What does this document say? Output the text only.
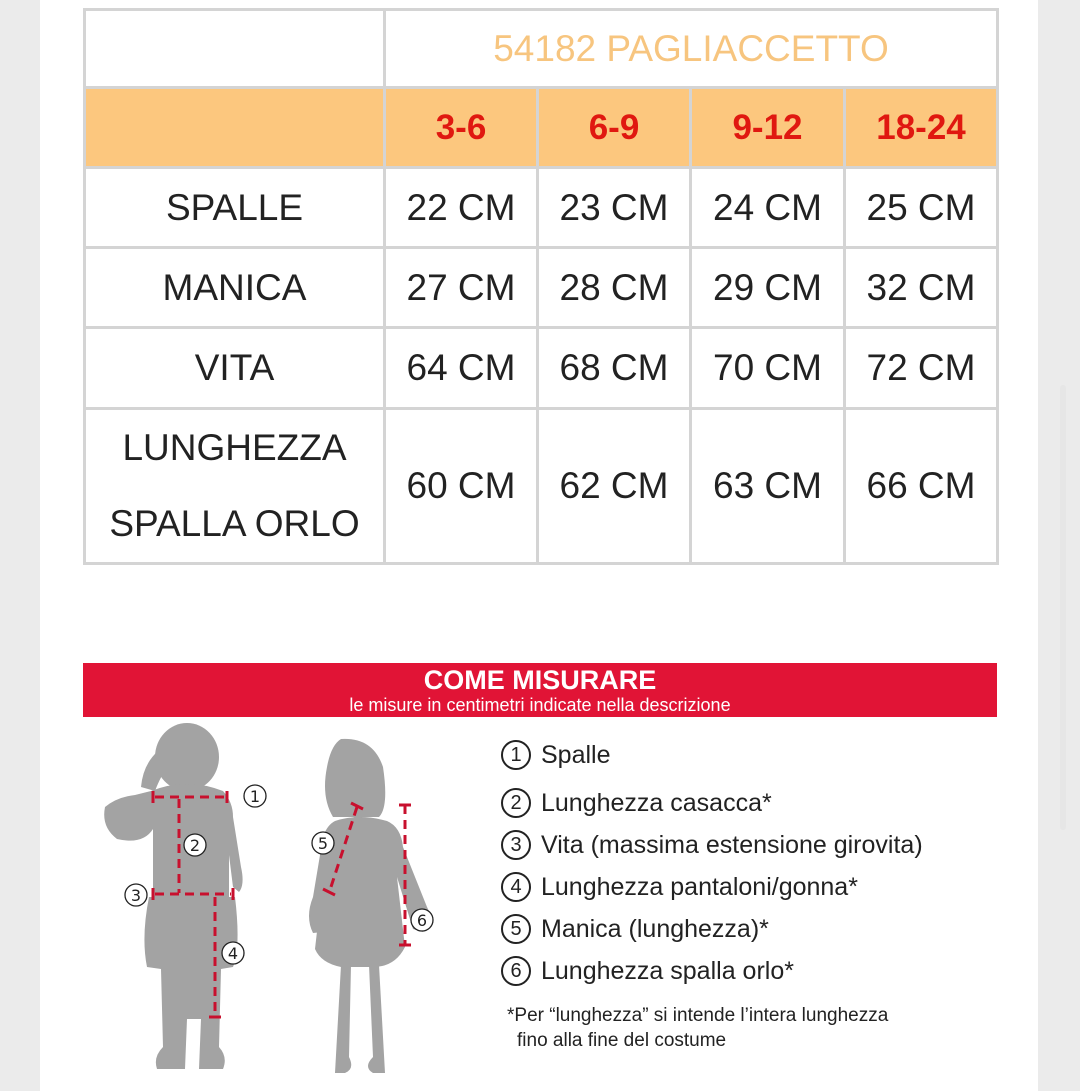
	54182 PAGLIACCETTO			
	3-6	6-9	9-12	18-24
SPALLE	22 CM	23 CM	24 CM	25 CM
MANICA	27 CM	28 CM	29 CM	32 CM
VITA	64 CM	68 CM	70 CM	72 CM

LUNGHEZZA
SPALLA ORLO	60 CM	62 CM	63 CM	66 CM
COME MISURARE
le misure in centimetri indicate nella descrizione
1
2
3
4
5
6
1 Spalle
2 Lunghezza casacca*
3 Vita (massima estensione girovita)
4 Lunghezza pantaloni/gonna*
5 Manica (lunghezza)*
6 Lunghezza spalla orlo*
*Per “lunghezza” si intende l’intera lunghezza
fino alla fine del costume
